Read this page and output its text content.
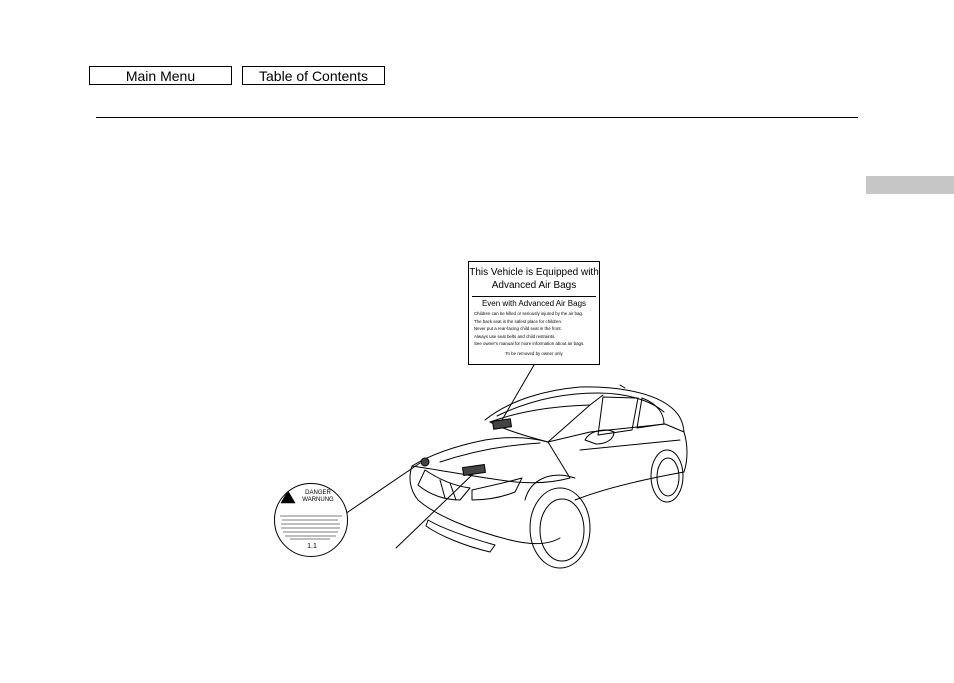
Main Menu	Table of Contents
This Vehicle is Equipped with
Advanced Air Bags
Even with Advanced Air Bags
Children can be killed or seriously injured by the air bag.
The back seat is the safest place for children.
Never put a rear-facing child seat in the front.
Always use seat belts and child restraints.
See owner's manual for more information about air bags.
To be removed by owner only
DANGER
WARNUNG
1.1
